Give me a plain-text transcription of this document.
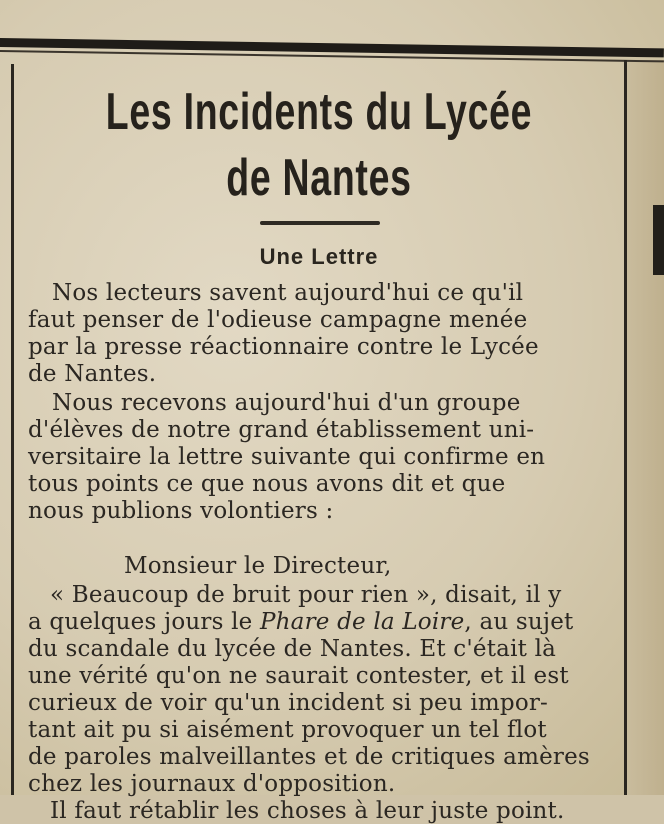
Les Incidents du Lycée
de Nantes
Une Lettre
Nos lecteurs savent aujourd'hui ce qu'il
faut penser de l'odieuse campagne menée
par la presse réactionnaire contre le Lycée
de Nantes.
Nous recevons aujourd'hui d'un groupe
d'élèves de notre grand établissement uni-
versitaire la lettre suivante qui confirme en
tous points ce que nous avons dit et que
nous publions volontiers :
Monsieur le Directeur,
« Beaucoup de bruit pour rien », disait, il y
a quelques jours le Phare de la Loire, au sujet
du scandale du lycée de Nantes. Et c'était là
une vérité qu'on ne saurait contester, et il est
curieux de voir qu'un incident si peu impor-
tant ait pu si aisément provoquer un tel flot
de paroles malveillantes et de critiques amères
chez les journaux d'opposition.
Il faut rétablir les choses à leur juste point.
